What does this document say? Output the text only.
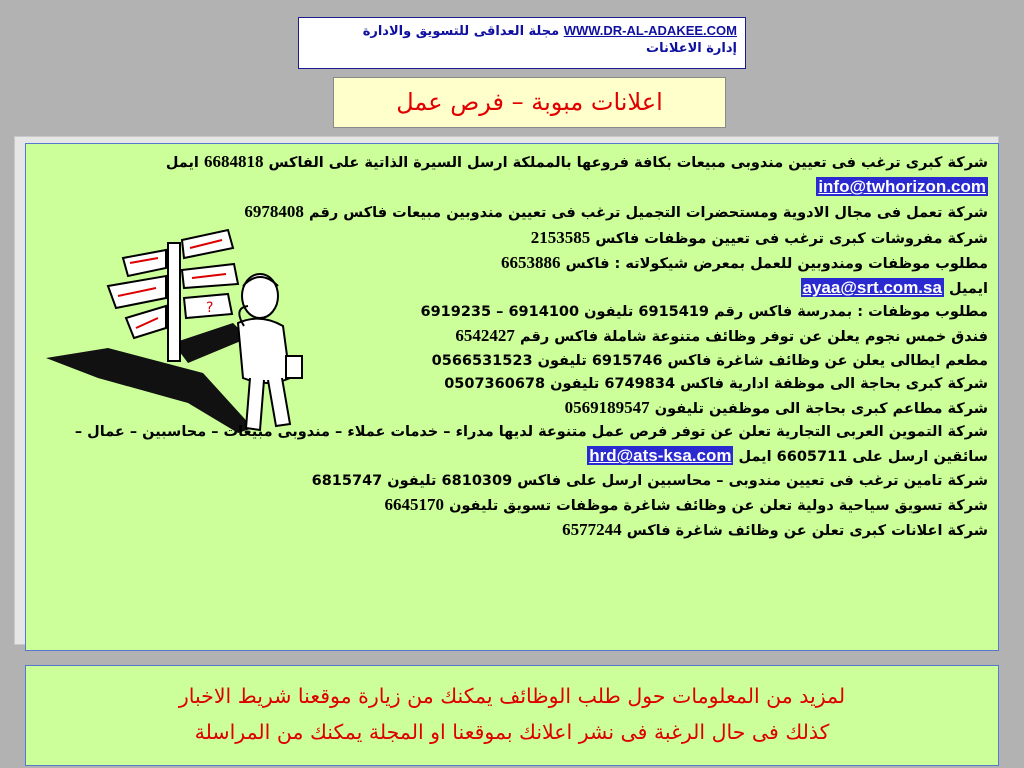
WWW.DR-AL-ADAKEE.COM مجلة العداقى للتسويق والادارة
إدارة الاعلانات
اعلانات مبوبة – فرص عمل
?
شركة كبرى ترغب فى تعيين مندوبى مبيعات بكافة فروعها بالمملكة ارسل السيرة الذاتية على الفاكس 6684818 ايمل
info@twhorizon.com
شركة تعمل فى مجال الادوية ومستحضرات التجميل ترغب فى تعيين مندوبين مبيعات فاكس رقم 6978408
شركة مفروشات كبرى ترغب فى تعيين موظفات فاكس 2153585
مطلوب موظفات ومندوبين للعمل بمعرض شيكولاته : فاكس 6653886
ايميل ayaa@srt.com.sa
مطلوب موظفات : بمدرسة فاكس رقم 6915419 تليفون 6914100 – 6919235
فندق خمس نجوم يعلن عن توفر وظائف متنوعة شاملة فاكس رقم 6542427
مطعم ايطالى يعلن عن وظائف شاغرة فاكس 6915746 تليفون 0566531523
شركة كبرى بحاجة الى موظفة ادارية فاكس 6749834 تليفون 0507360678
شركة مطاعم كبرى بحاجة الى موظفين تليفون 0569189547
شركة التموين العربى التجارية تعلن عن توفر فرص عمل متنوعة لديها مدراء – خدمات عملاء – مندوبى مبيعات – محاسبين – عمال – سائقين ارسل على 6605711 ايمل hrd@ats-ksa.com
شركة تامين ترغب فى تعيين مندوبى – محاسبين ارسل على فاكس 6810309 تليفون 6815747
شركة تسويق سياحية دولية تعلن عن وظائف شاغرة موظفات تسويق تليفون 6645170
شركة اعلانات كبرى تعلن عن وظائف شاغرة فاكس 6577244
لمزيد من المعلومات حول طلب الوظائف يمكنك من زيارة موقعنا شريط الاخبار
كذلك فى حال الرغبة فى نشر اعلانك بموقعنا او المجلة يمكنك من المراسلة
